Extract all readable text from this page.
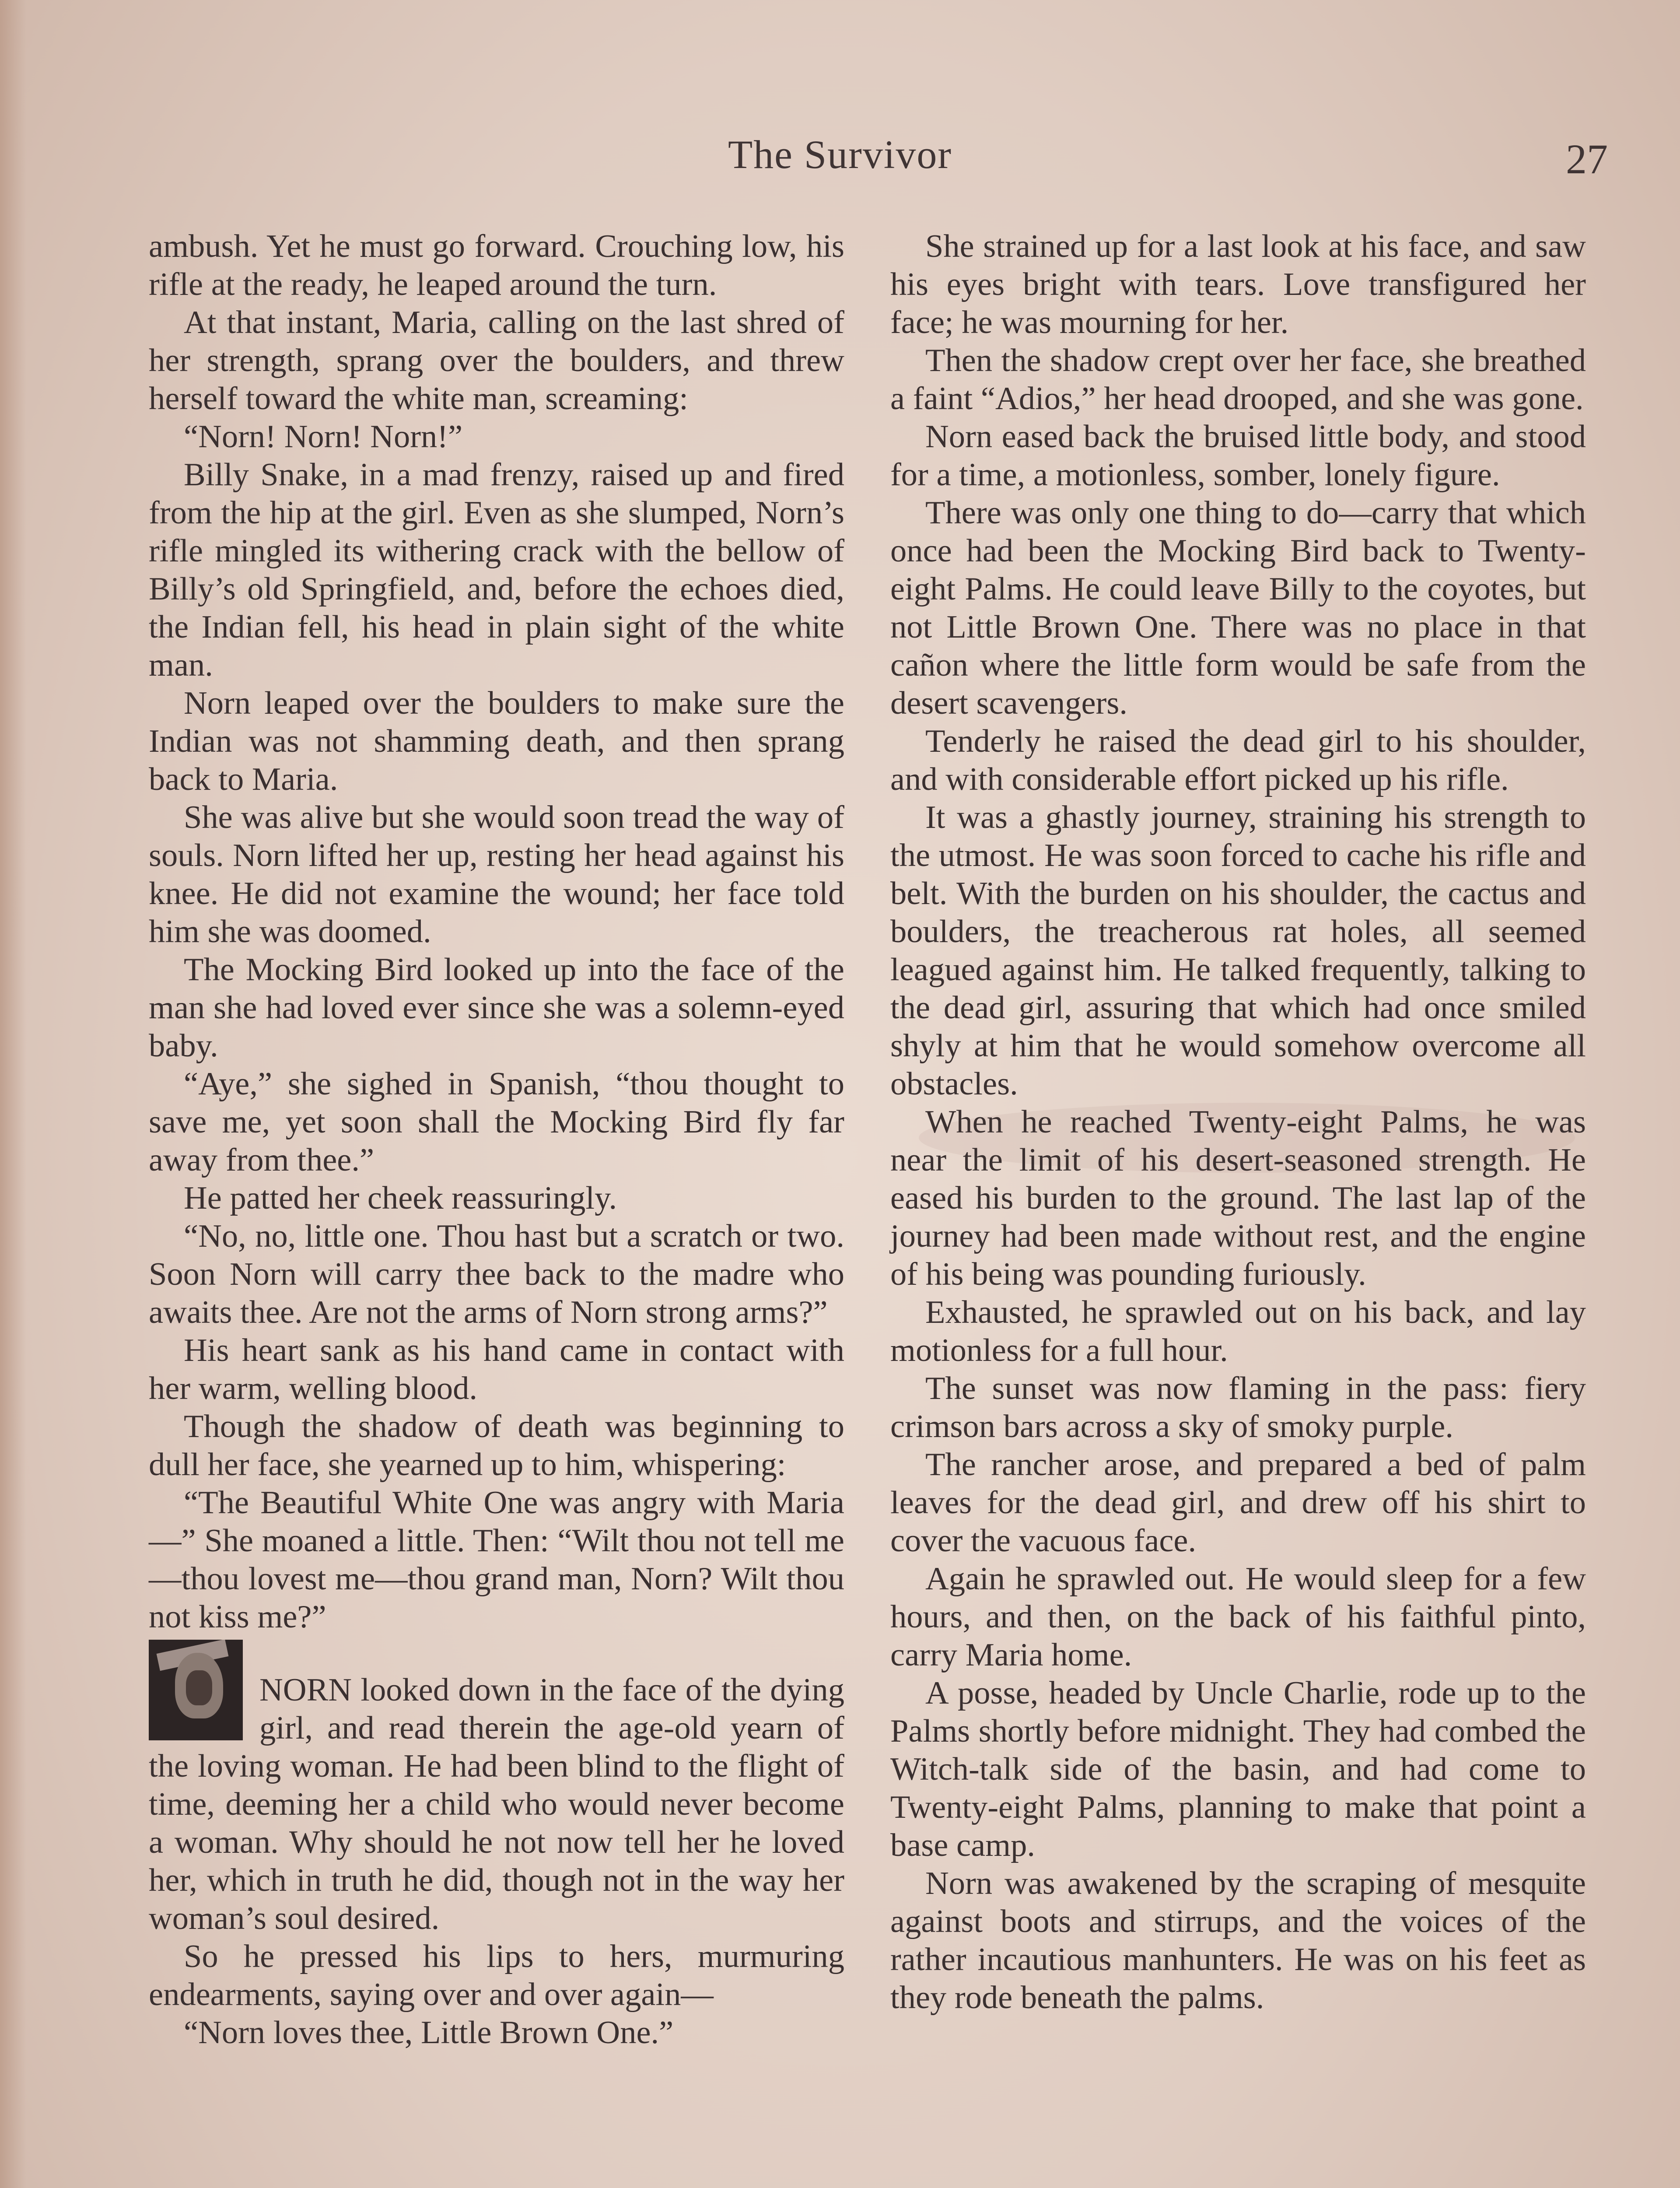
The Survivor	27

ambush. Yet he must go forward. Crouching low, his rifle at the ready, he leaped around the turn.

At that instant, Maria, calling on the last shred of her strength, sprang over the boulders, and threw herself toward the white man, screaming:

“Norn! Norn! Norn!”

Billy Snake, in a mad frenzy, raised up and fired from the hip at the girl. Even as she slumped, Norn’s rifle mingled its withering crack with the bellow of Billy’s old Springfield, and, before the echoes died, the Indian fell, his head in plain sight of the white man.

Norn leaped over the boulders to make sure the Indian was not shamming death, and then sprang back to Maria.

She was alive but she would soon tread the way of souls. Norn lifted her up, resting her head against his knee. He did not examine the wound; her face told him she was doomed.

The Mocking Bird looked up into the face of the man she had loved ever since she was a solemn-eyed baby.

“Aye,” she sighed in Spanish, “thou thought to save me, yet soon shall the Mocking Bird fly far away from thee.”

He patted her cheek reassuringly.

“No, no, little one. Thou hast but a scratch or two. Soon Norn will carry thee back to the madre who awaits thee. Are not the arms of Norn strong arms?”

His heart sank as his hand came in contact with her warm, welling blood.

Though the shadow of death was beginning to dull her face, she yearned up to him, whispering:

“The Beautiful White One was angry with Maria—” She moaned a little. Then: “Wilt thou not tell me—thou lovest me—thou grand man, Norn? Wilt thou not kiss me?”

NORN looked down in the face of the dying girl, and read therein the age-old yearn of the loving woman. He had been blind to the flight of time, deeming her a child who would never become a woman. Why should he not now tell her he loved her, which in truth he did, though not in the way her woman’s soul desired.

So he pressed his lips to hers, murmuring endearments, saying over and over again—

“Norn loves thee, Little Brown One.”

She strained up for a last look at his face, and saw his eyes bright with tears. Love transfigured her face; he was mourning for her.

Then the shadow crept over her face, she breathed a faint “Adios,” her head drooped, and she was gone.

Norn eased back the bruised little body, and stood for a time, a motionless, somber, lonely figure.

There was only one thing to do—carry that which once had been the Mocking Bird back to Twenty-eight Palms. He could leave Billy to the coyotes, but not Little Brown One. There was no place in that cañon where the little form would be safe from the desert scavengers.

Tenderly he raised the dead girl to his shoulder, and with considerable effort picked up his rifle.

It was a ghastly journey, straining his strength to the utmost. He was soon forced to cache his rifle and belt. With the burden on his shoulder, the cactus and boulders, the treacherous rat holes, all seemed leagued against him. He talked frequently, talking to the dead girl, assuring that which had once smiled shyly at him that he would somehow overcome all obstacles.

When he reached Twenty-eight Palms, he was near the limit of his desert-seasoned strength. He eased his burden to the ground. The last lap of the journey had been made without rest, and the engine of his being was pounding furiously.

Exhausted, he sprawled out on his back, and lay motionless for a full hour.

The sunset was now flaming in the pass: fiery crimson bars across a sky of smoky purple.

The rancher arose, and prepared a bed of palm leaves for the dead girl, and drew off his shirt to cover the vacuous face.

Again he sprawled out. He would sleep for a few hours, and then, on the back of his faithful pinto, carry Maria home.

A posse, headed by Uncle Charlie, rode up to the Palms shortly before midnight. They had combed the Witch-talk side of the basin, and had come to Twenty-eight Palms, planning to make that point a base camp.

Norn was awakened by the scraping of mesquite against boots and stirrups, and the voices of the rather incautious manhunters. He was on his feet as they rode beneath the palms.
